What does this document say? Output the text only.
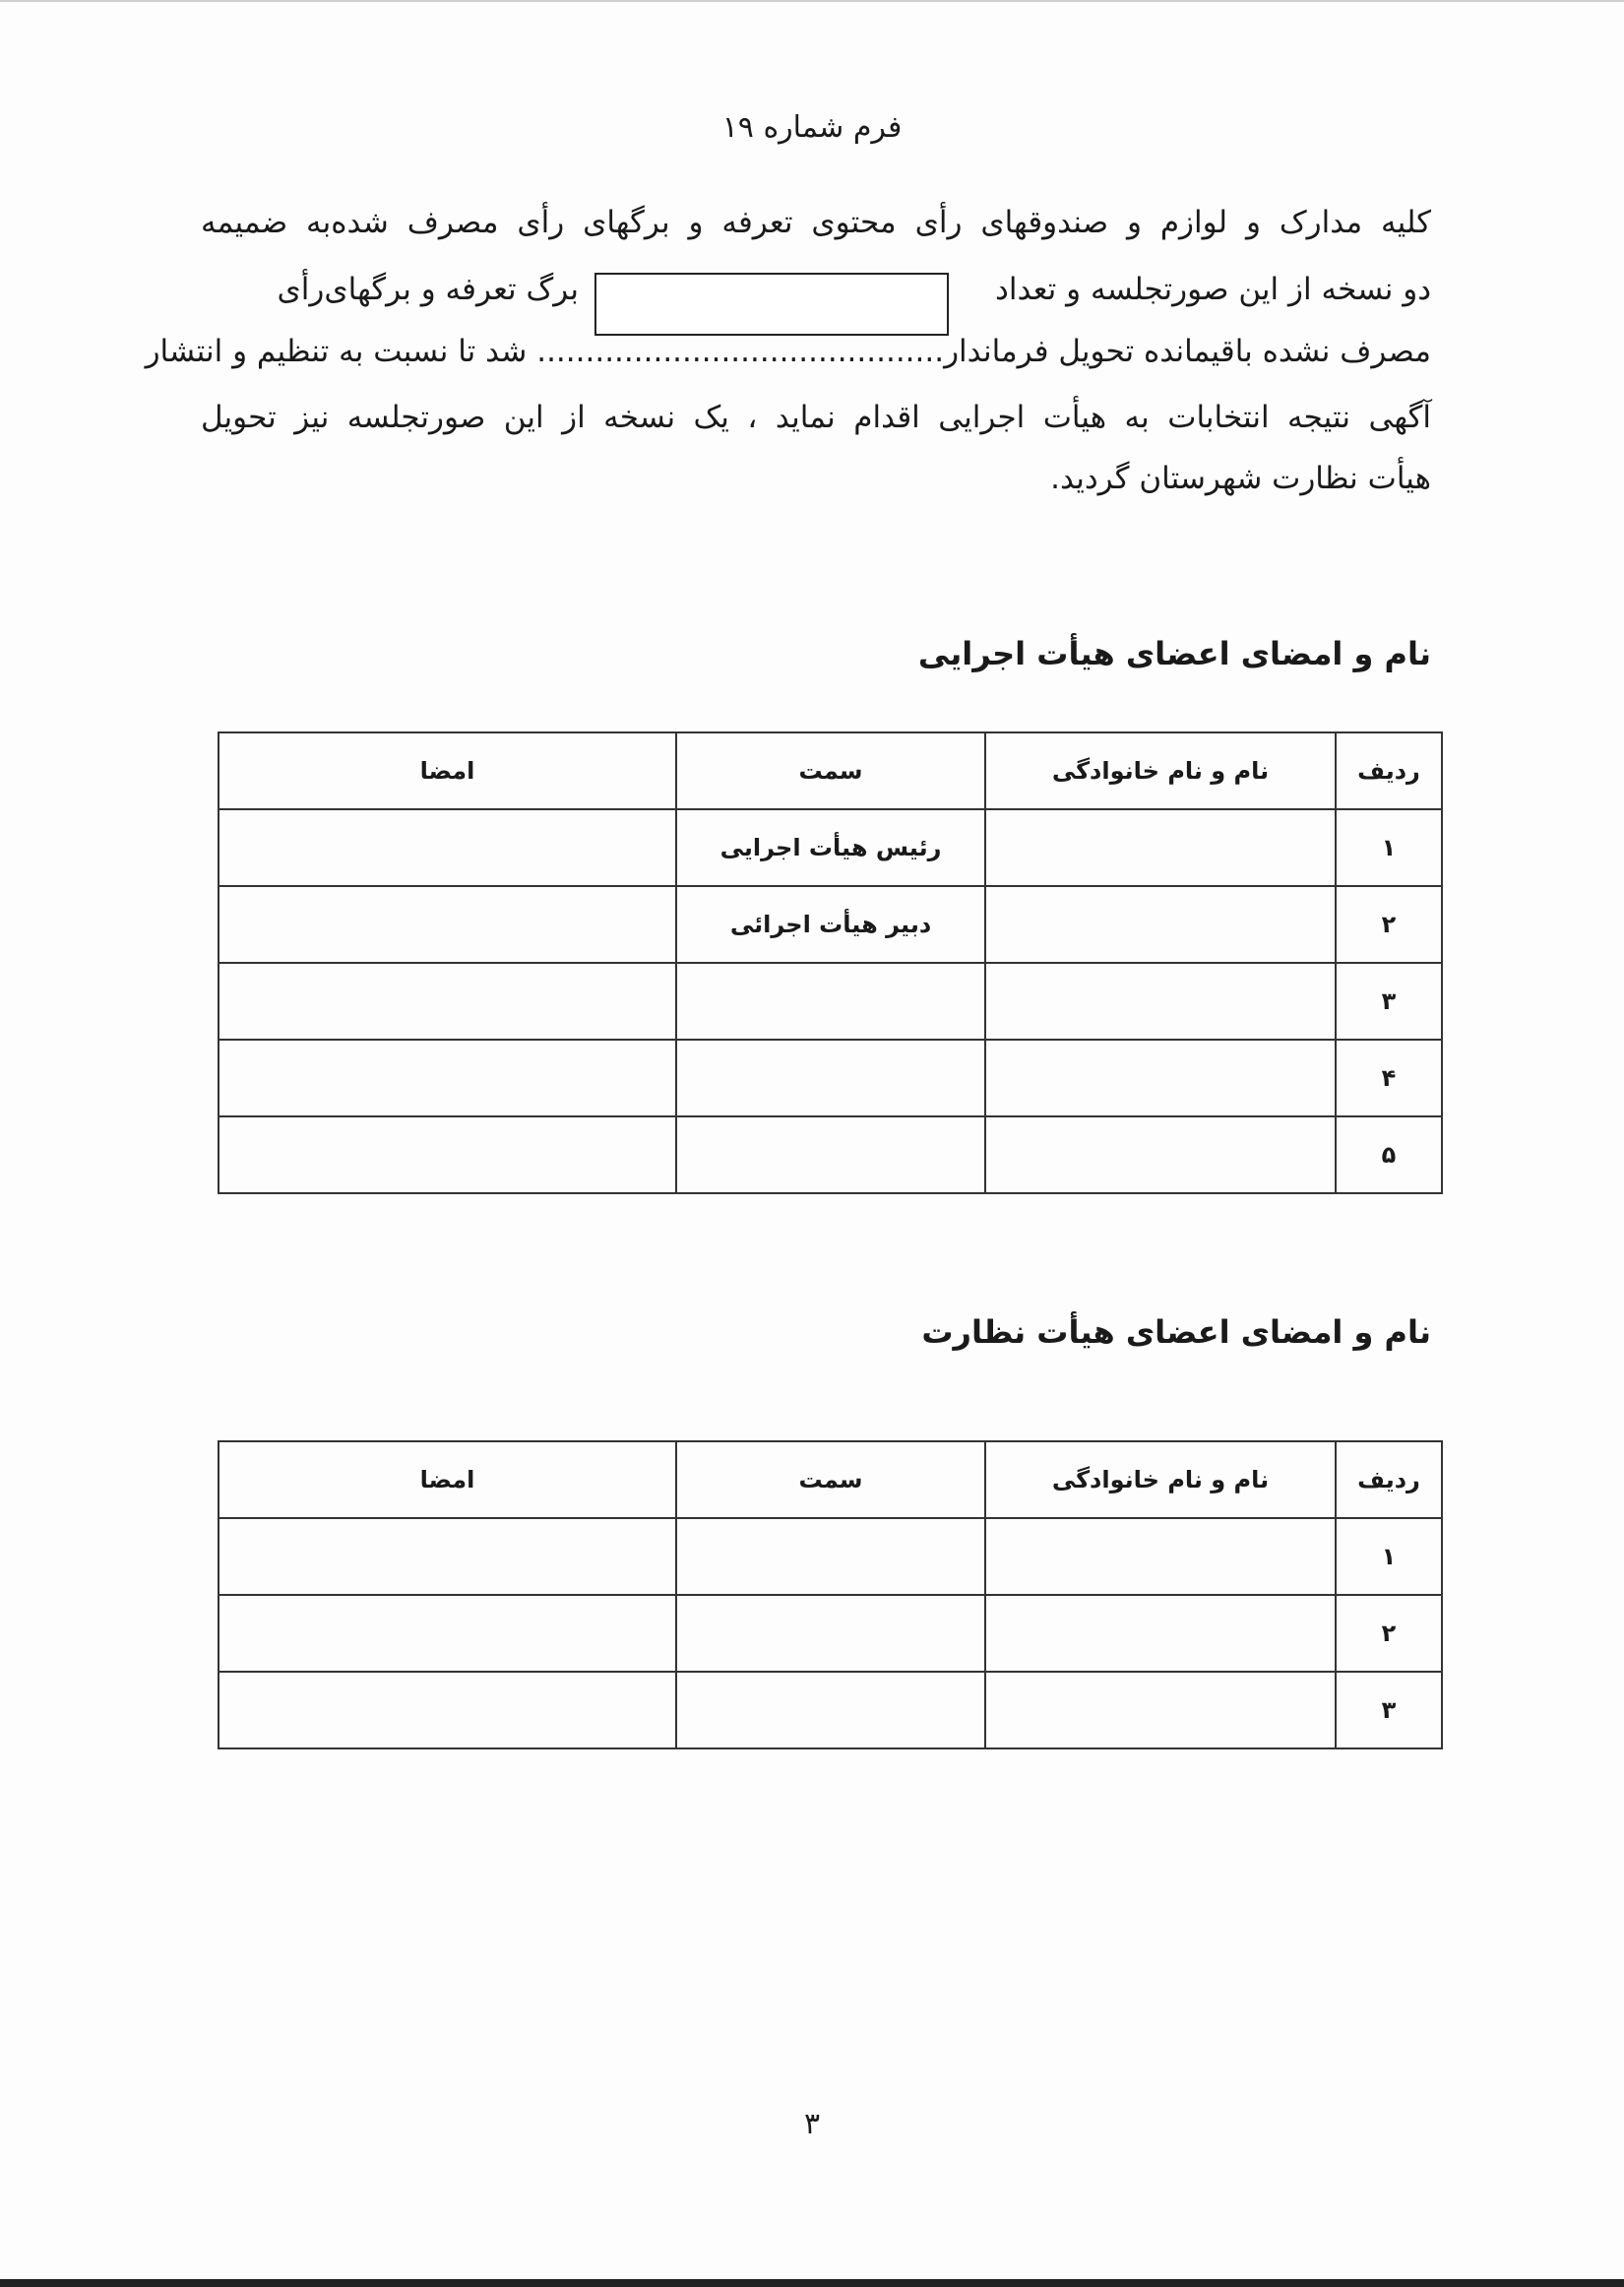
فرم شماره ۱۹
کلیه مدارک و لوازم و صندوقهای رأی محتوی تعرفه و برگهای رأی مصرف شده‌به ضمیمه
دو نسخه از این صورتجلسه و تعداد
برگ تعرفه و برگهای‌رأی
مصرف نشده باقیمانده تحویل فرماندار.......................................... شد تا نسبت به تنظیم و انتشار
آگهی نتیجه انتخابات به هیأت اجرایی اقدام نماید ، یک نسخه از این صورتجلسه نیز تحویل
هیأت نظارت شهرستان گردید.
نام و امضای اعضای هیأت اجرایی
ردیف	نام و نام خانوادگی	سمت	امضا
۱		رئیس هیأت اجرایی	
۲		دبیر هیأت اجرائی	
۳			
۴			
۵			
نام و امضای اعضای هیأت نظارت
ردیف	نام و نام خانوادگی	سمت	امضا
۱			
۲			
۳			
۳
